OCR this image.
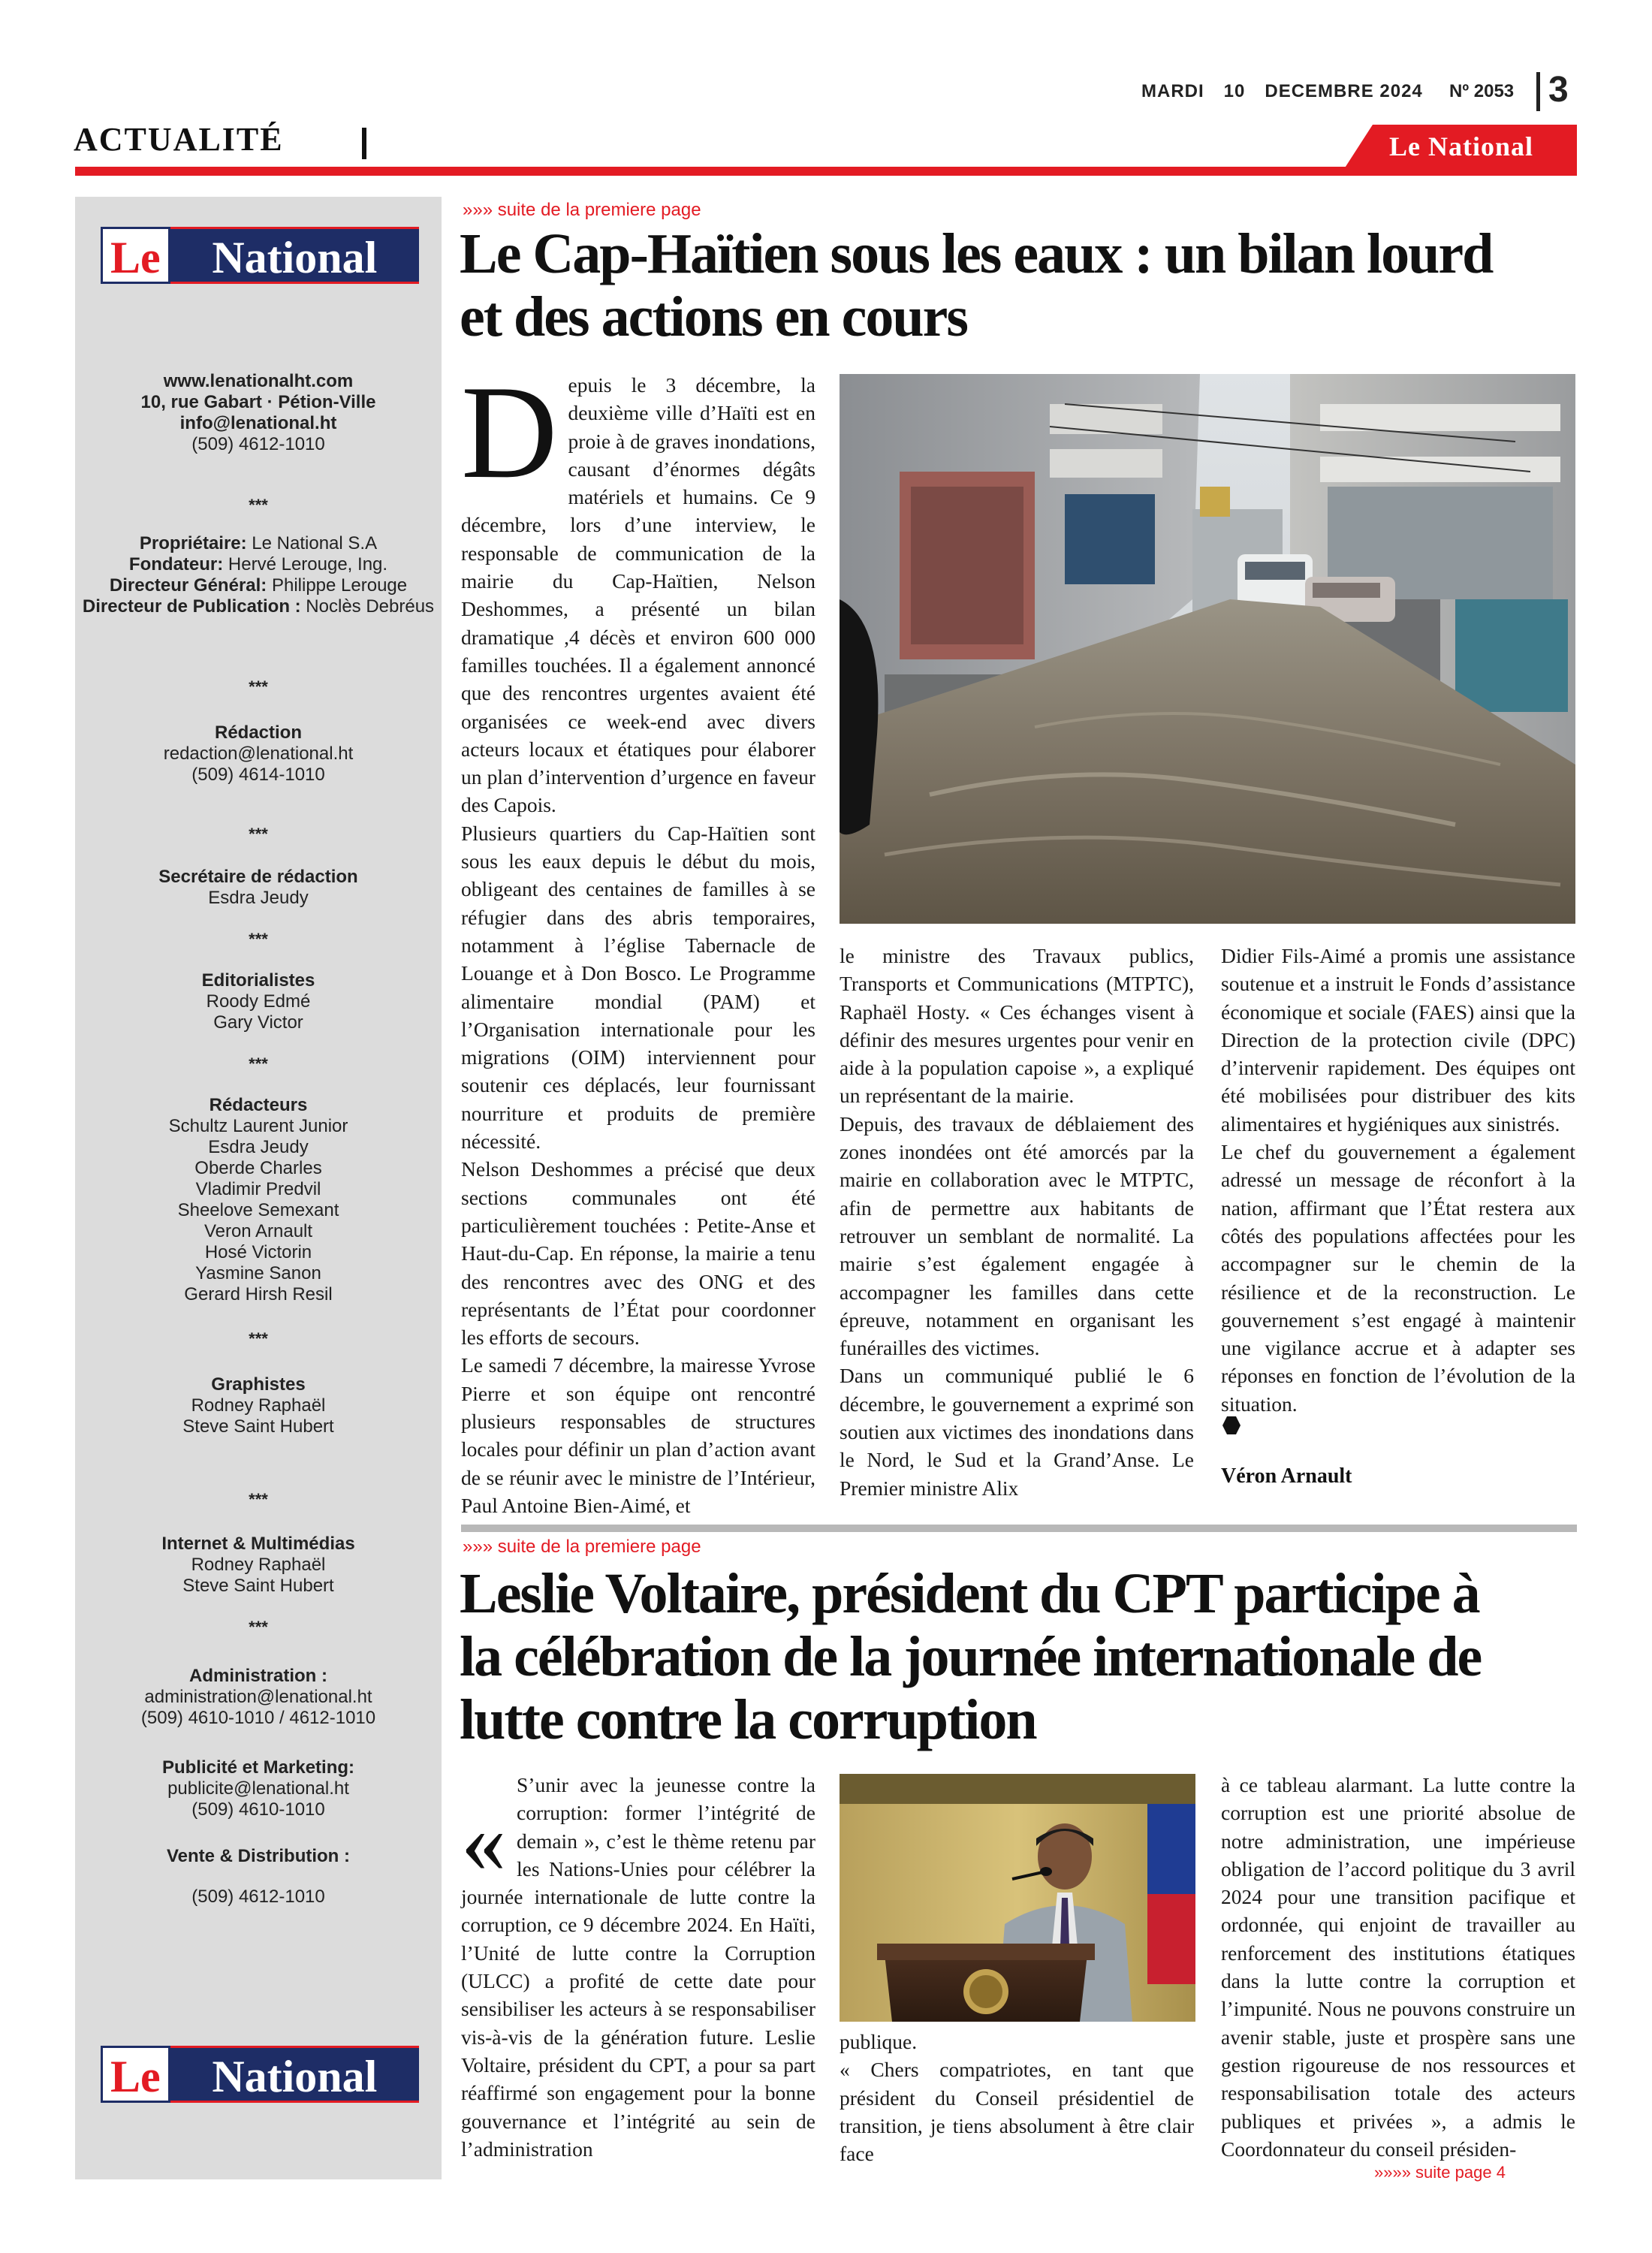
MARDI 10 DECEMBRE 2024	Nº 2053 3
ACTUALITÉ	Le National
Le	National
www.lenationalht.com
10, rue Gabart · Pétion-Ville
info@lenational.ht
(509) 4612-1010
***
Propriétaire: Le National S.A
Fondateur: Hervé Lerouge, Ing.
Directeur Général: Philippe Lerouge
Directeur de Publication : Noclès Debréus
***
Rédaction
redaction@lenational.ht
(509) 4614-1010
***
Secrétaire de rédaction
Esdra Jeudy
***
Editorialistes
Roody Edmé
Gary Victor
***
Rédacteurs
Schultz Laurent Junior
Esdra Jeudy
Oberde Charles
Vladimir Predvil
Sheelove Semexant
Veron Arnault
Hosé Victorin
Yasmine Sanon
Gerard Hirsh Resil
***
Graphistes
Rodney Raphaël
Steve Saint Hubert
***
Internet & Multimédias
Rodney Raphaël
Steve Saint Hubert
***
Administration :
administration@lenational.ht
(509) 4610-1010 / 4612-1010
Publicité et Marketing:
publicite@lenational.ht
(509) 4610-1010
Vente & Distribution :
(509) 4612-1010
Le	National
»»» suite de la premiere page
Le Cap-Haïtien sous les eaux : un bilan lourd
et des actions en cours

Depuis le 3 décembre, la deuxième ville d’Haïti est en proie à de graves inondations, causant d’énormes dégâts matériels et humains. Ce 9 décembre, lors d’une interview, le responsable de communication de la mairie du Cap-Haïtien, Nelson Deshommes, a présenté un bilan dramatique ,4 décès et environ 600 000 familles touchées. Il a également annoncé que des rencontres urgentes avaient été organisées ce week-end avec divers acteurs locaux et étatiques pour élaborer un plan d’intervention d’urgence en faveur des Capois.

Plusieurs quartiers du Cap-Haïtien sont sous les eaux depuis le début du mois, obligeant des centaines de familles à se réfugier dans des abris temporaires, notamment à l’église Tabernacle de Louange et à Don Bosco. Le Programme alimentaire mondial (PAM) et l’Organisation internationale pour les migrations (OIM) interviennent pour soutenir ces déplacés, leur fournissant nourriture et produits de première nécessité.

Nelson Deshommes a précisé que deux sections communales ont été particulièrement touchées : Petite-Anse et Haut-du-Cap. En réponse, la mairie a tenu des rencontres avec des ONG et des représentants de l’État pour coordonner les efforts de secours.

Le samedi 7 décembre, la mairesse Yvrose Pierre et son équipe ont rencontré plusieurs responsables de structures locales pour définir un plan d’action avant de se réunir avec le ministre de l’Intérieur, Paul Antoine Bien-Aimé, et

le ministre des Travaux publics, Transports et Communications (MTPTC), Raphaël Hosty. « Ces échanges visent à définir des mesures urgentes pour venir en aide à la population capoise », a expliqué un représentant de la mairie.

Depuis, des travaux de déblaiement des zones inondées ont été amorcés par la mairie en collaboration avec le MTPTC, afin de permettre aux habitants de retrouver un semblant de normalité. La mairie s’est également engagée à accompagner les familles dans cette épreuve, notamment en organisant les funérailles des victimes.

Dans un communiqué publié le 6 décembre, le gouvernement a exprimé son soutien aux victimes des inondations dans le Nord, le Sud et la Grand’Anse. Le Premier ministre Alix

Didier Fils-Aimé a promis une assistance soutenue et a instruit le Fonds d’assistance économique et sociale (FAES) ainsi que la Direction de la protection civile (DPC) d’intervenir rapidement. Des équipes ont été mobilisées pour distribuer des kits alimentaires et hygiéniques aux sinistrés.

Le chef du gouvernement a également adressé un message de réconfort à la nation, affirmant que l’État restera aux côtés des populations affectées pour les accompagner sur le chemin de la résilience et de la reconstruction. Le gouvernement s’est engagé à maintenir une vigilance accrue et à adapter ses réponses en fonction de l’évolution de la situation.

Véron Arnault
»»» suite de la premiere page
Leslie Voltaire, président du CPT participe à
la célébration de la journée internationale de
lutte contre la corruption

«
S’unir avec la jeunesse contre la corruption: former l’intégrité de demain », c’est le thème retenu par les Nations-Unies pour célébrer la journée internationale de lutte contre la corruption, ce 9 décembre 2024. En Haïti, l’Unité de lutte contre la Corruption (ULCC) a profité de cette date pour sensibiliser les acteurs à se responsabiliser vis-à-vis de la génération future. Leslie Voltaire, président du CPT, a pour sa part réaffirmé son engagement pour la bonne gouvernance et l’intégrité au sein de l’administration

publique.

« Chers compatriotes, en tant que président du Conseil présidentiel de transition, je tiens absolument à être clair face

à ce tableau alarmant. La lutte contre la corruption est une priorité absolue de notre administration, une impérieuse obligation de l’accord politique du 3 avril 2024 pour une transition pacifique et ordonnée, qui enjoint de travailler au renforcement des institutions étatiques dans la lutte contre la corruption et l’impunité. Nous ne pouvons construire un avenir stable, juste et prospère sans une gestion rigoureuse de nos ressources et responsabilisation totale des acteurs publiques et privées », a admis le Coordonnateur du conseil présiden-

»»»» suite page 4
